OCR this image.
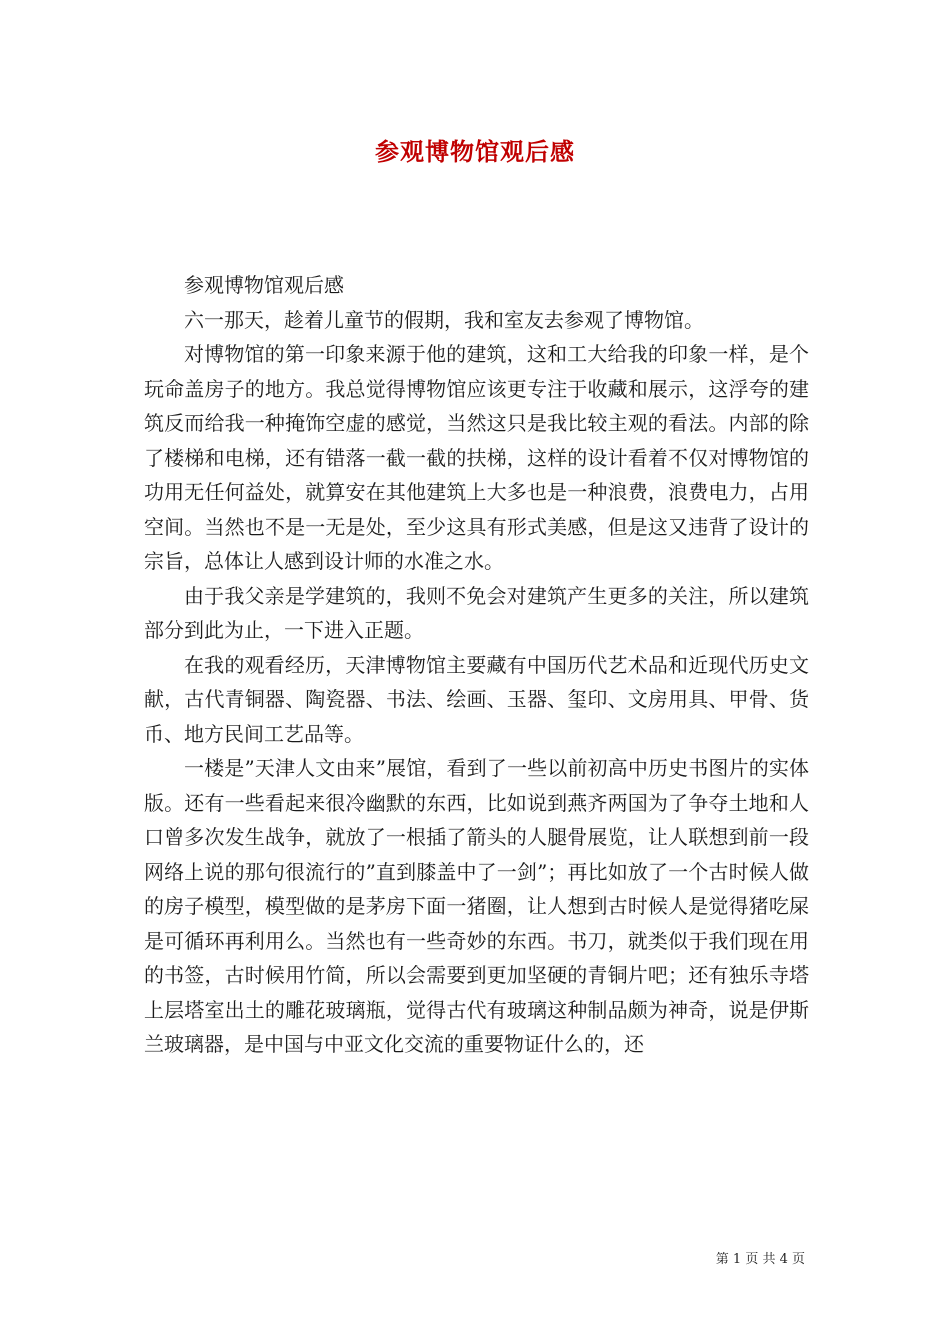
参观博物馆观后感

参观博物馆观后感

六一那天，趁着儿童节的假期，我和室友去参观了博物馆。

对博物馆的第一印象来源于他的建筑，这和工大给我的印象一样，是个玩命盖房子的地方。我总觉得博物馆应该更专注于收藏和展示，这浮夸的建筑反而给我一种掩饰空虚的感觉，当然这只是我比较主观的看法。内部的除了楼梯和电梯，还有错落一截一截的扶梯，这样的设计看着不仅对博物馆的功用无任何益处，就算安在其他建筑上大多也是一种浪费，浪费电力，占用空间。当然也不是一无是处，至少这具有形式美感，但是这又违背了设计的宗旨，总体让人感到设计师的水准之水。

由于我父亲是学建筑的，我则不免会对建筑产生更多的关注，所以建筑部分到此为止，一下进入正题。

在我的观看经历，天津博物馆主要藏有中国历代艺术品和近现代历史文献，古代青铜器、陶瓷器、书法、绘画、玉器、玺印、文房用具、甲骨、货币、地方民间工艺品等。

一楼是”天津人文由来”展馆，看到了一些以前初高中历史书图片的实体版。还有一些看起来很冷幽默的东西，比如说到燕齐两国为了争夺土地和人口曾多次发生战争，就放了一根插了箭头的人腿骨展览，让人联想到前一段网络上说的那句很流行的”直到膝盖中了一剑”；再比如放了一个古时候人做的房子模型，模型做的是茅房下面一猪圈，让人想到古时候人是觉得猪吃屎是可循环再利用么。当然也有一些奇妙的东西。书刀，就类似于我们现在用的书签，古时候用竹简，所以会需要到更加坚硬的青铜片吧；还有独乐寺塔上层塔室出土的雕花玻璃瓶，觉得古代有玻璃这种制品颇为神奇，说是伊斯兰玻璃器，是中国与中亚文化交流的重要物证什么的，还

第 1 页 共 4 页
